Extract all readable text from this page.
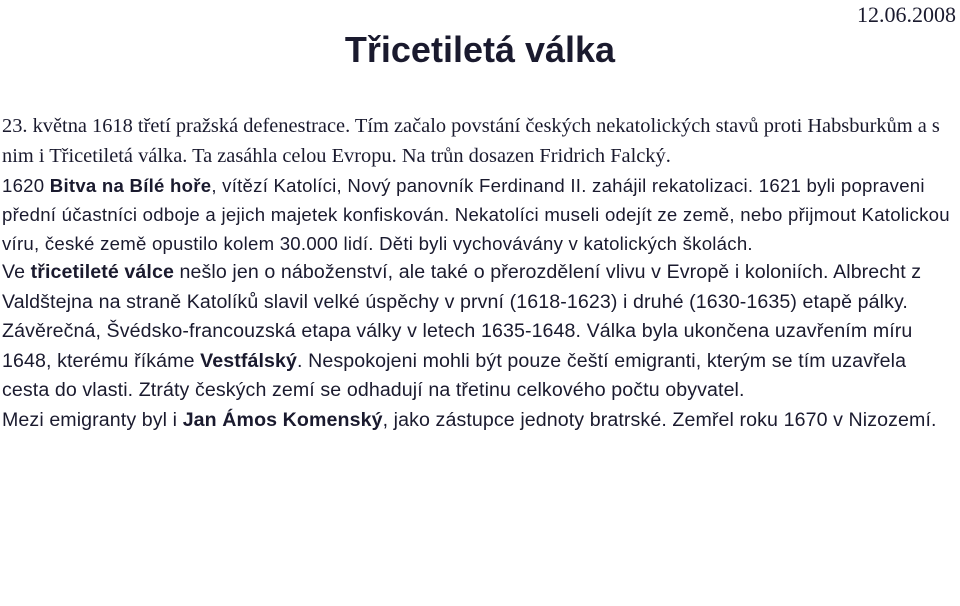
12.06.2008
Třicetiletá válka

23. května 1618 třetí pražská defenestrace. Tím začalo povstání českých nekatolických stavů proti Habsburkům a s nim i Třicetiletá válka. Ta zasáhla celou Evropu. Na trůn dosazen Fridrich Falcký.

1620 Bitva na Bílé hoře, vítězí Katolíci, Nový panovník Ferdinand II. zahájil rekatolizaci. 1621 byli popraveni přední účastníci odboje a jejich majetek konfiskován. Nekatolíci museli odejít ze země, nebo přijmout Katolickou víru, české země opustilo kolem 30.000 lidí. Děti byli vychovávány v katolických školách.

Ve třicetileté válce nešlo jen o náboženství, ale také o přerozdělení vlivu v Evropě i koloniích. Albrecht z Valdštejna na straně Katolíků slavil velké úspěchy v první (1618-1623) i druhé (1630-1635) etapě pálky.

Závěrečná, Švédsko-francouzská etapa války v letech 1635-1648. Válka byla ukončena uzavřením míru 1648, kterému říkáme Vestfálský. Nespokojeni mohli být pouze čeští emigranti, kterým se tím uzavřela cesta do vlasti. Ztráty českých zemí se odhadují na třetinu celkového počtu obyvatel.

Mezi emigranty byl i Jan Ámos Komenský, jako zástupce jednoty bratrské. Zemřel roku 1670 v Nizozemí.
